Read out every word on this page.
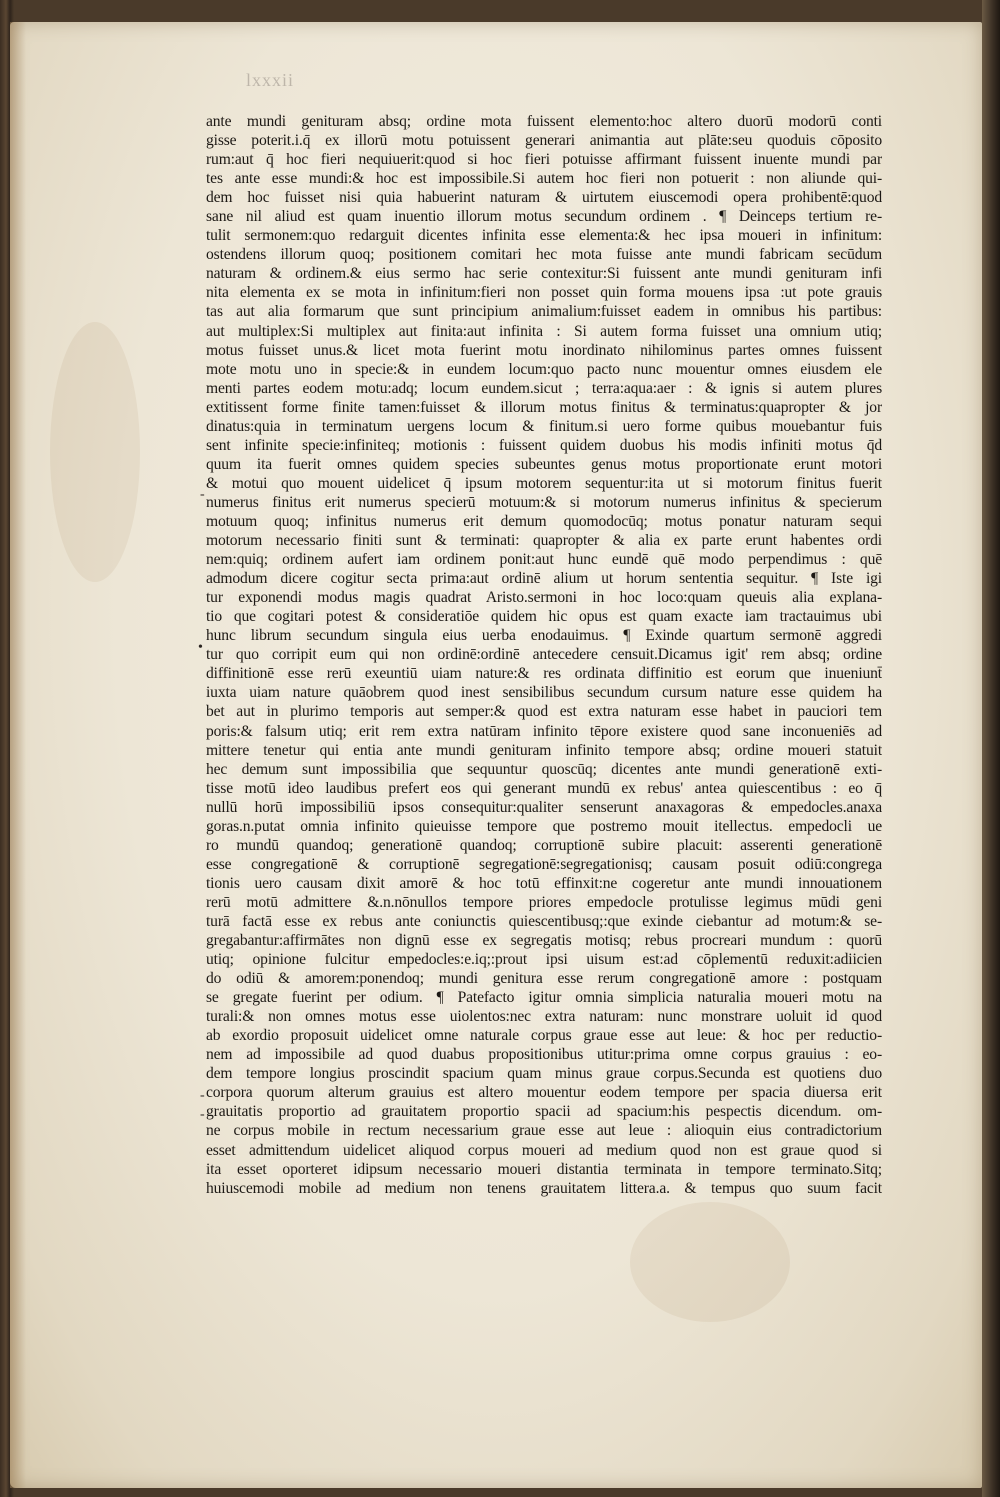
lxxxii
ante mundi genituram absq; ordine mota fuissent elemento:hoc altero duorū modorū conti
gisse poterit.i.q̄ ex illorū motu potuissent generari animantia aut plāte:seu quoduis cōposito
rum:aut q̄ hoc fieri nequiuerit:quod si hoc fieri potuisse affirmant fuissent inuente mundi par
tes ante esse mundi:& hoc est impossibile.Si autem hoc fieri non potuerit : non aliunde qui-
dem hoc fuisset nisi quia habuerint naturam & uirtutem eiuscemodi opera prohibentē:quod
sane nil aliud est quam inuentio illorum motus secundum ordinem . ¶ Deinceps tertium re-
tulit sermonem:quo redarguit dicentes infinita esse elementa:& hec ipsa moueri in infinitum:
ostendens illorum quoq; positionem comitari hec mota fuisse ante mundi fabricam secūdum
naturam & ordinem.& eius sermo hac serie contexitur:Si fuissent ante mundi genituram infi
nita elementa ex se mota in infinitum:fieri non posset quin forma mouens ipsa :ut pote grauis
tas aut alia formarum que sunt principium animalium:fuisset eadem in omnibus his partibus:
aut multiplex:Si multiplex aut finita:aut infinita : Si autem forma fuisset una omnium utiq;
motus fuisset unus.& licet mota fuerint motu inordinato nihilominus partes omnes fuissent
mote motu uno in specie:& in eundem locum:quo pacto nunc mouentur omnes eiusdem ele
menti partes eodem motu:adq; locum eundem.sicut ; terra:aqua:aer : & ignis si autem plures
extitissent forme finite tamen:fuisset & illorum motus finitus & terminatus:quapropter & jor
dinatus:quia in terminatum uergens locum & finitum.si uero forme quibus mouebantur fuis
sent infinite specie:infiniteq; motionis : fuissent quidem duobus his modis infiniti motus q̄d
quum ita fuerit omnes quidem species subeuntes genus motus proportionate erunt motori
& motui quo mouent uidelicet q̄ ipsum motorem sequentur:ita ut si motorum finitus fuerit
numerus finitus erit numerus specierū motuum:& si motorum numerus infinitus & specierum
motuum quoq; infinitus numerus erit demum quomodocūq; motus ponatur naturam sequi
motorum necessario finiti sunt & terminati: quapropter & alia ex parte erunt habentes ordi
nem:quiq; ordinem aufert iam ordinem ponit:aut hunc eundē quē modo perpendimus : quē
admodum dicere cogitur secta prima:aut ordinē alium ut horum sententia sequitur. ¶ Iste igi
tur exponendi modus magis quadrat Aristo.sermoni in hoc loco:quam queuis alia explana-
tio que cogitari potest & consideratiōe quidem hic opus est quam exacte iam tractauimus ubi
hunc librum secundum singula eius uerba enodauimus. ¶ Exinde quartum sermonē aggredi
tur quo corripit eum qui non ordinē:ordinē antecedere censuit.Dicamus igit' rem absq; ordine
diffinitionē esse rerū exeuntiū uiam nature:& res ordinata diffinitio est eorum que inueniunt̄
iuxta uiam nature quāobrem quod inest sensibilibus secundum cursum nature esse quidem ha
bet aut in plurimo temporis aut semper:& quod est extra naturam esse habet in pauciori tem
poris:& falsum utiq; erit rem extra natūram infinito tēpore existere quod sane inconueniēs ad
mittere tenetur qui entia ante mundi genituram infinito tempore absq; ordine moueri statuit
hec demum sunt impossibilia que sequuntur quoscūq; dicentes ante mundi generationē exti-
tisse motū ideo laudibus prefert eos qui generant mundū ex rebus' antea quiescentibus : eo q̄
nullū horū impossibiliū ipsos consequitur:qualiter senserunt anaxagoras & empedocles.anaxa
goras.n.putat omnia infinito quieuisse tempore que postremo mouit itellectus. empedocli ue
ro mundū quandoq; generationē quandoq; corruptionē subire placuit: asserenti generationē
esse congregationē & corruptionē segregationē:segregationisq; causam posuit odiū:congrega
tionis uero causam dixit amorē & hoc totū effinxit:ne cogeretur ante mundi innouationem
rerū motū admittere &.n.nōnullos tempore priores empedocle protulisse legimus mūdi geni
turā factā esse ex rebus ante coniunctis quiescentibusq;:que exinde ciebantur ad motum:& se-
gregabantur:affirmātes non dignū esse ex segregatis motisq; rebus procreari mundum : quorū
utiq; opinione fulcitur empedocles:e.iq;:prout ipsi uisum est:ad cōplementū reduxit:adiicien
do odiū & amorem:ponendoq; mundi genitura esse rerum congregationē amore : postquam
se gregate fuerint per odium. ¶ Patefacto igitur omnia simplicia naturalia moueri motu na
turali:& non omnes motus esse uiolentos:nec extra naturam: nunc monstrare uoluit id quod
ab exordio proposuit uidelicet omne naturale corpus graue esse aut leue: & hoc per reductio-
nem ad impossibile ad quod duabus propositionibus utitur:prima omne corpus grauius : eo-
dem tempore longius proscindit spacium quam minus graue corpus.Secunda est quotiens duo
corpora quorum alterum grauius est altero mouentur eodem tempore per spacia diuersa erit
grauitatis proportio ad grauitatem proportio spacii ad spacium:his pespectis dicendum. om-
ne corpus mobile in rectum necessarium graue esse aut leue : alioquin eius contradictorium
esset admittendum uidelicet aliquod corpus moueri ad medium quod non est graue quod si
ita esset oporteret idipsum necessario moueri distantia terminata in tempore terminato.Sitq;
huiuscemodi mobile ad medium non tenens grauitatem littera.a. & tempus quo suum facit
-
•
-
-
